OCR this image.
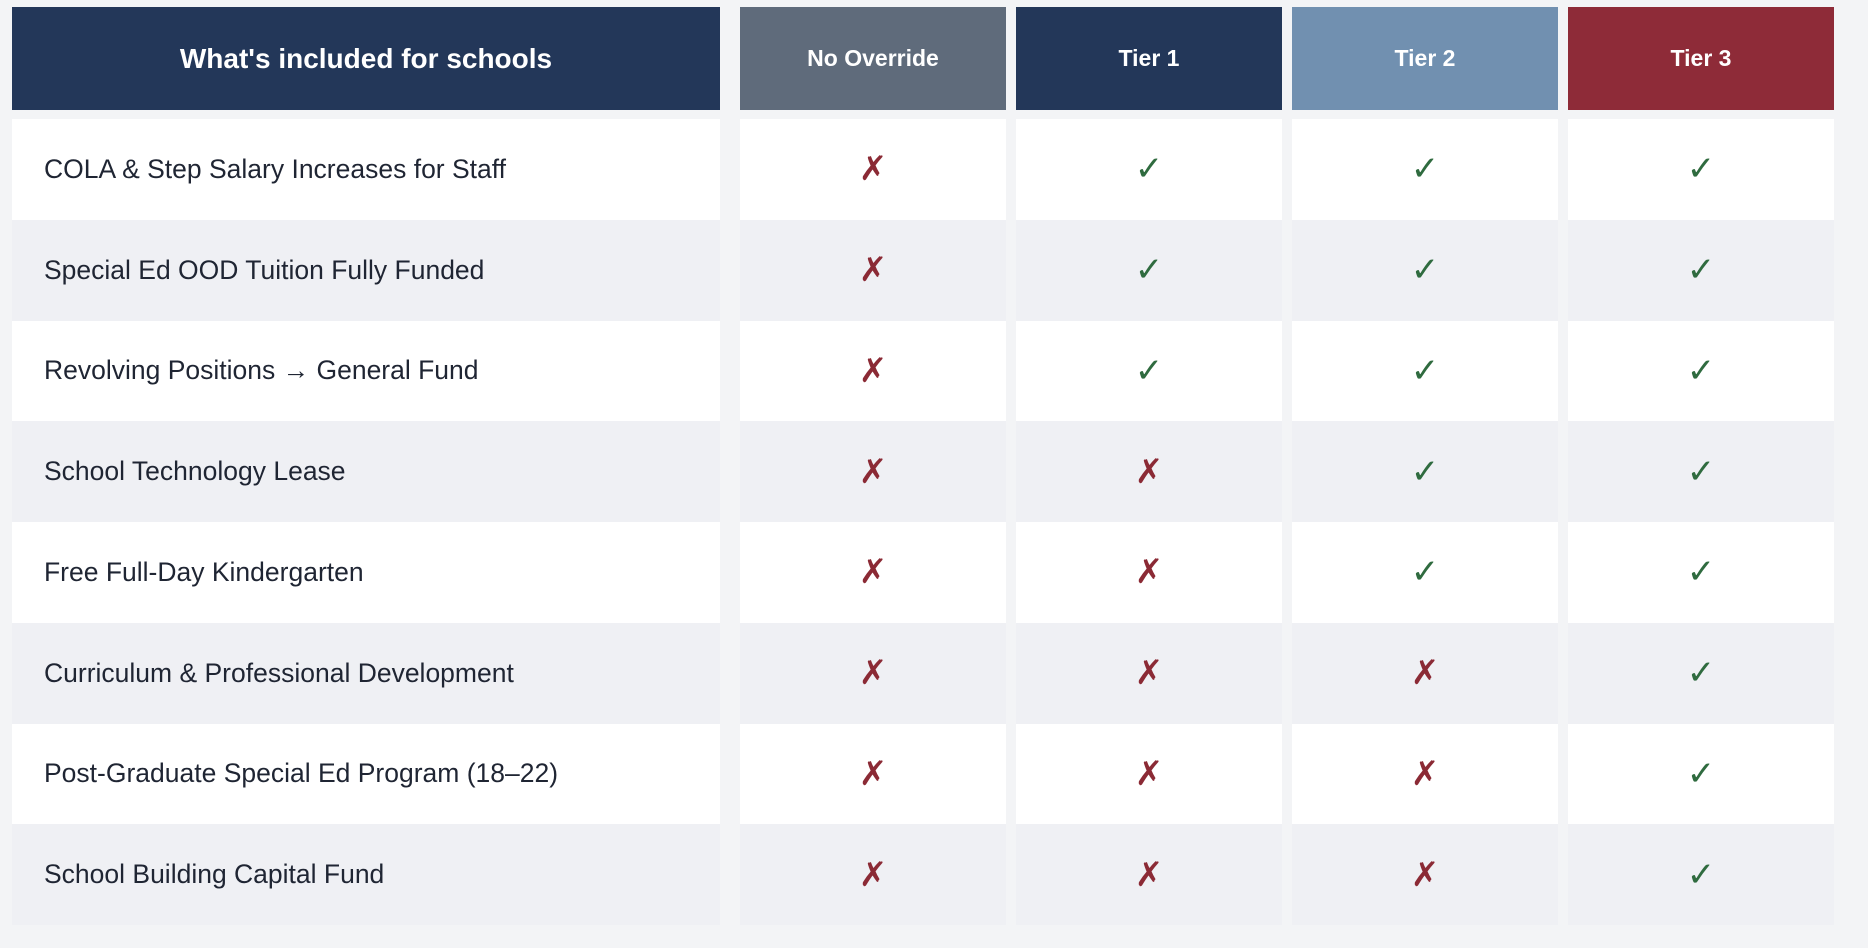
What's included for schools	No Override	Tier 1	Tier 2	Tier 3
COLA & Step Salary Increases for Staff	✗	✓	✓	✓
Special Ed OOD Tuition Fully Funded	✗	✓	✓	✓
Revolving Positions → General Fund	✗	✓	✓	✓
School Technology Lease	✗	✗	✓	✓
Free Full-Day Kindergarten	✗	✗	✓	✓
Curriculum & Professional Development	✗	✗	✗	✓
Post-Graduate Special Ed Program (18–22)	✗	✗	✗	✓
School Building Capital Fund	✗	✗	✗	✓
